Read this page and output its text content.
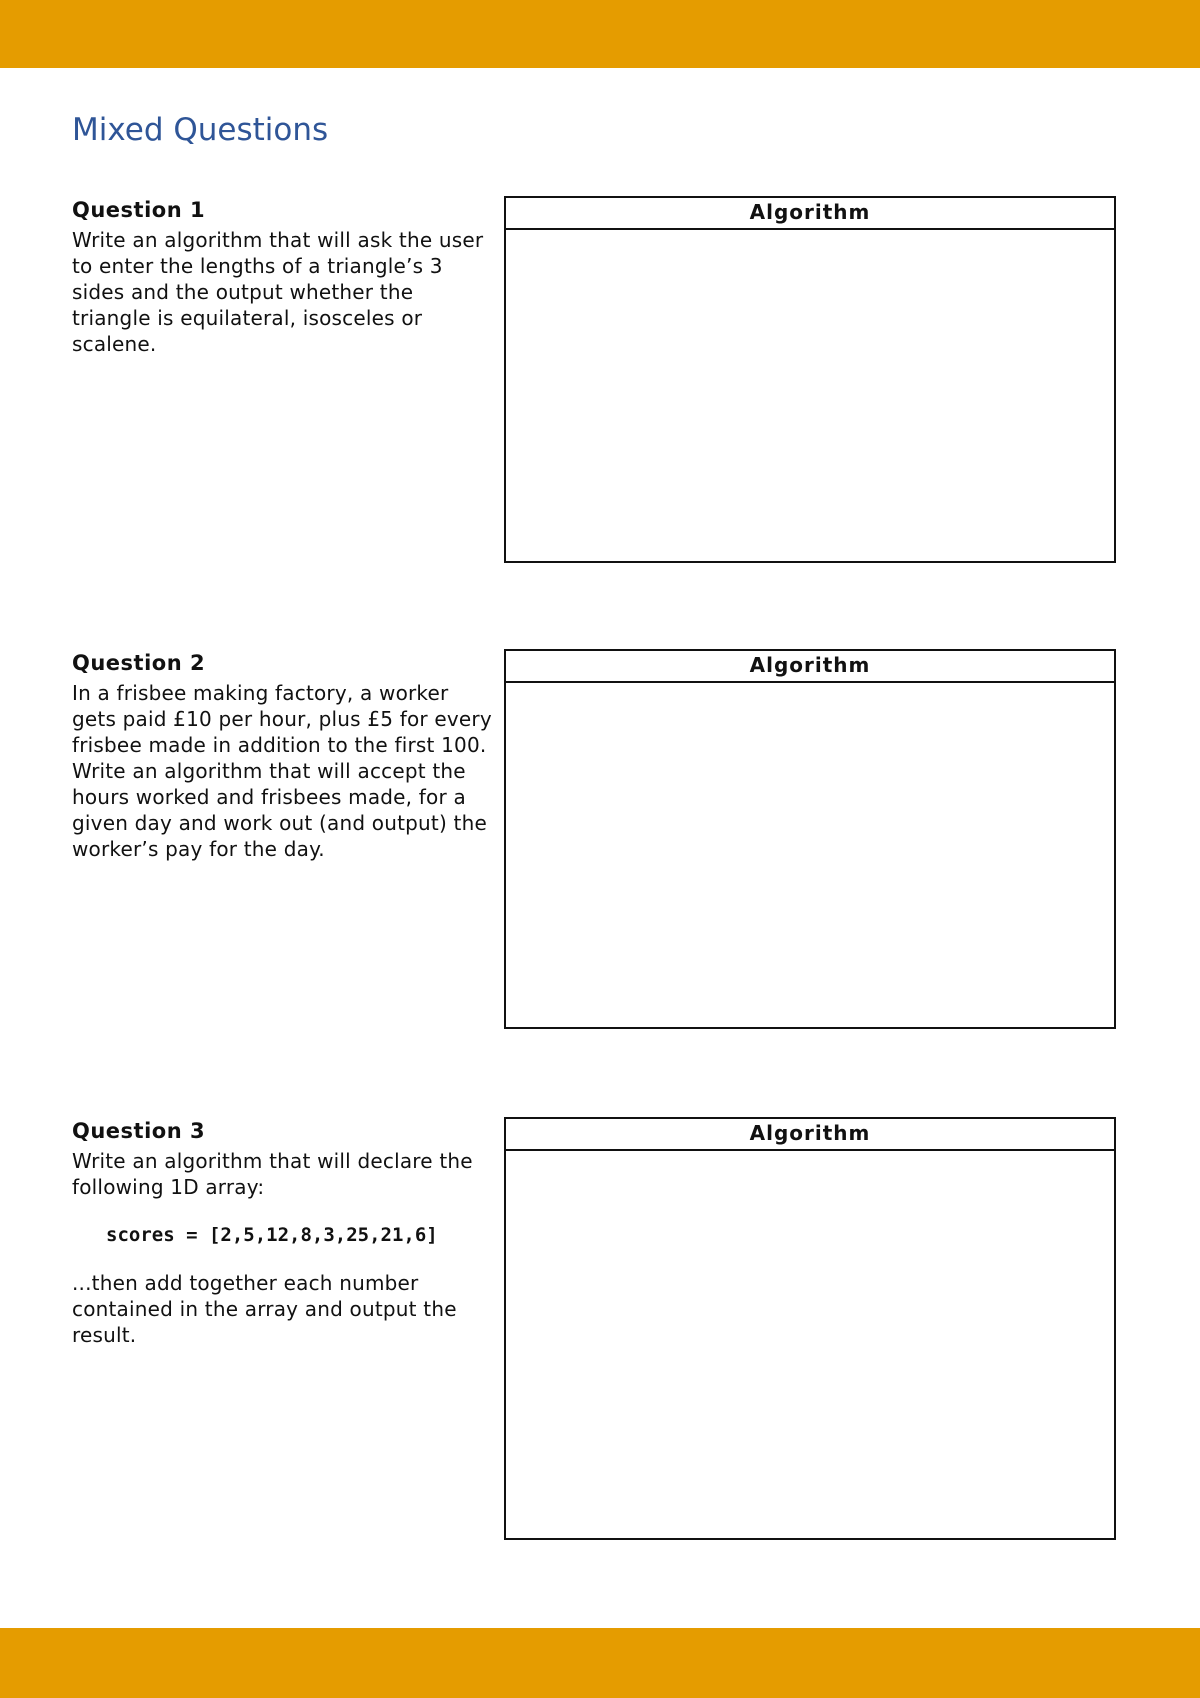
Mixed Questions

Question 1

Write an algorithm that will ask the user to enter the lengths of a triangle’s 3 sides and the output whether the triangle is equilateral, isosceles or scalene.

Algorithm

Question 2

In a frisbee making factory, a worker gets paid £10 per hour, plus £5 for every frisbee made in addition to the first 100. Write an algorithm that will accept the hours worked and frisbees made, for a given day and work out (and output) the worker’s pay for the day.

Algorithm

Question 3

Write an algorithm that will declare the following 1D array:

scores = [2,5,12,8,3,25,21,6]

...then add together each number contained in the array and output the result.

Algorithm
